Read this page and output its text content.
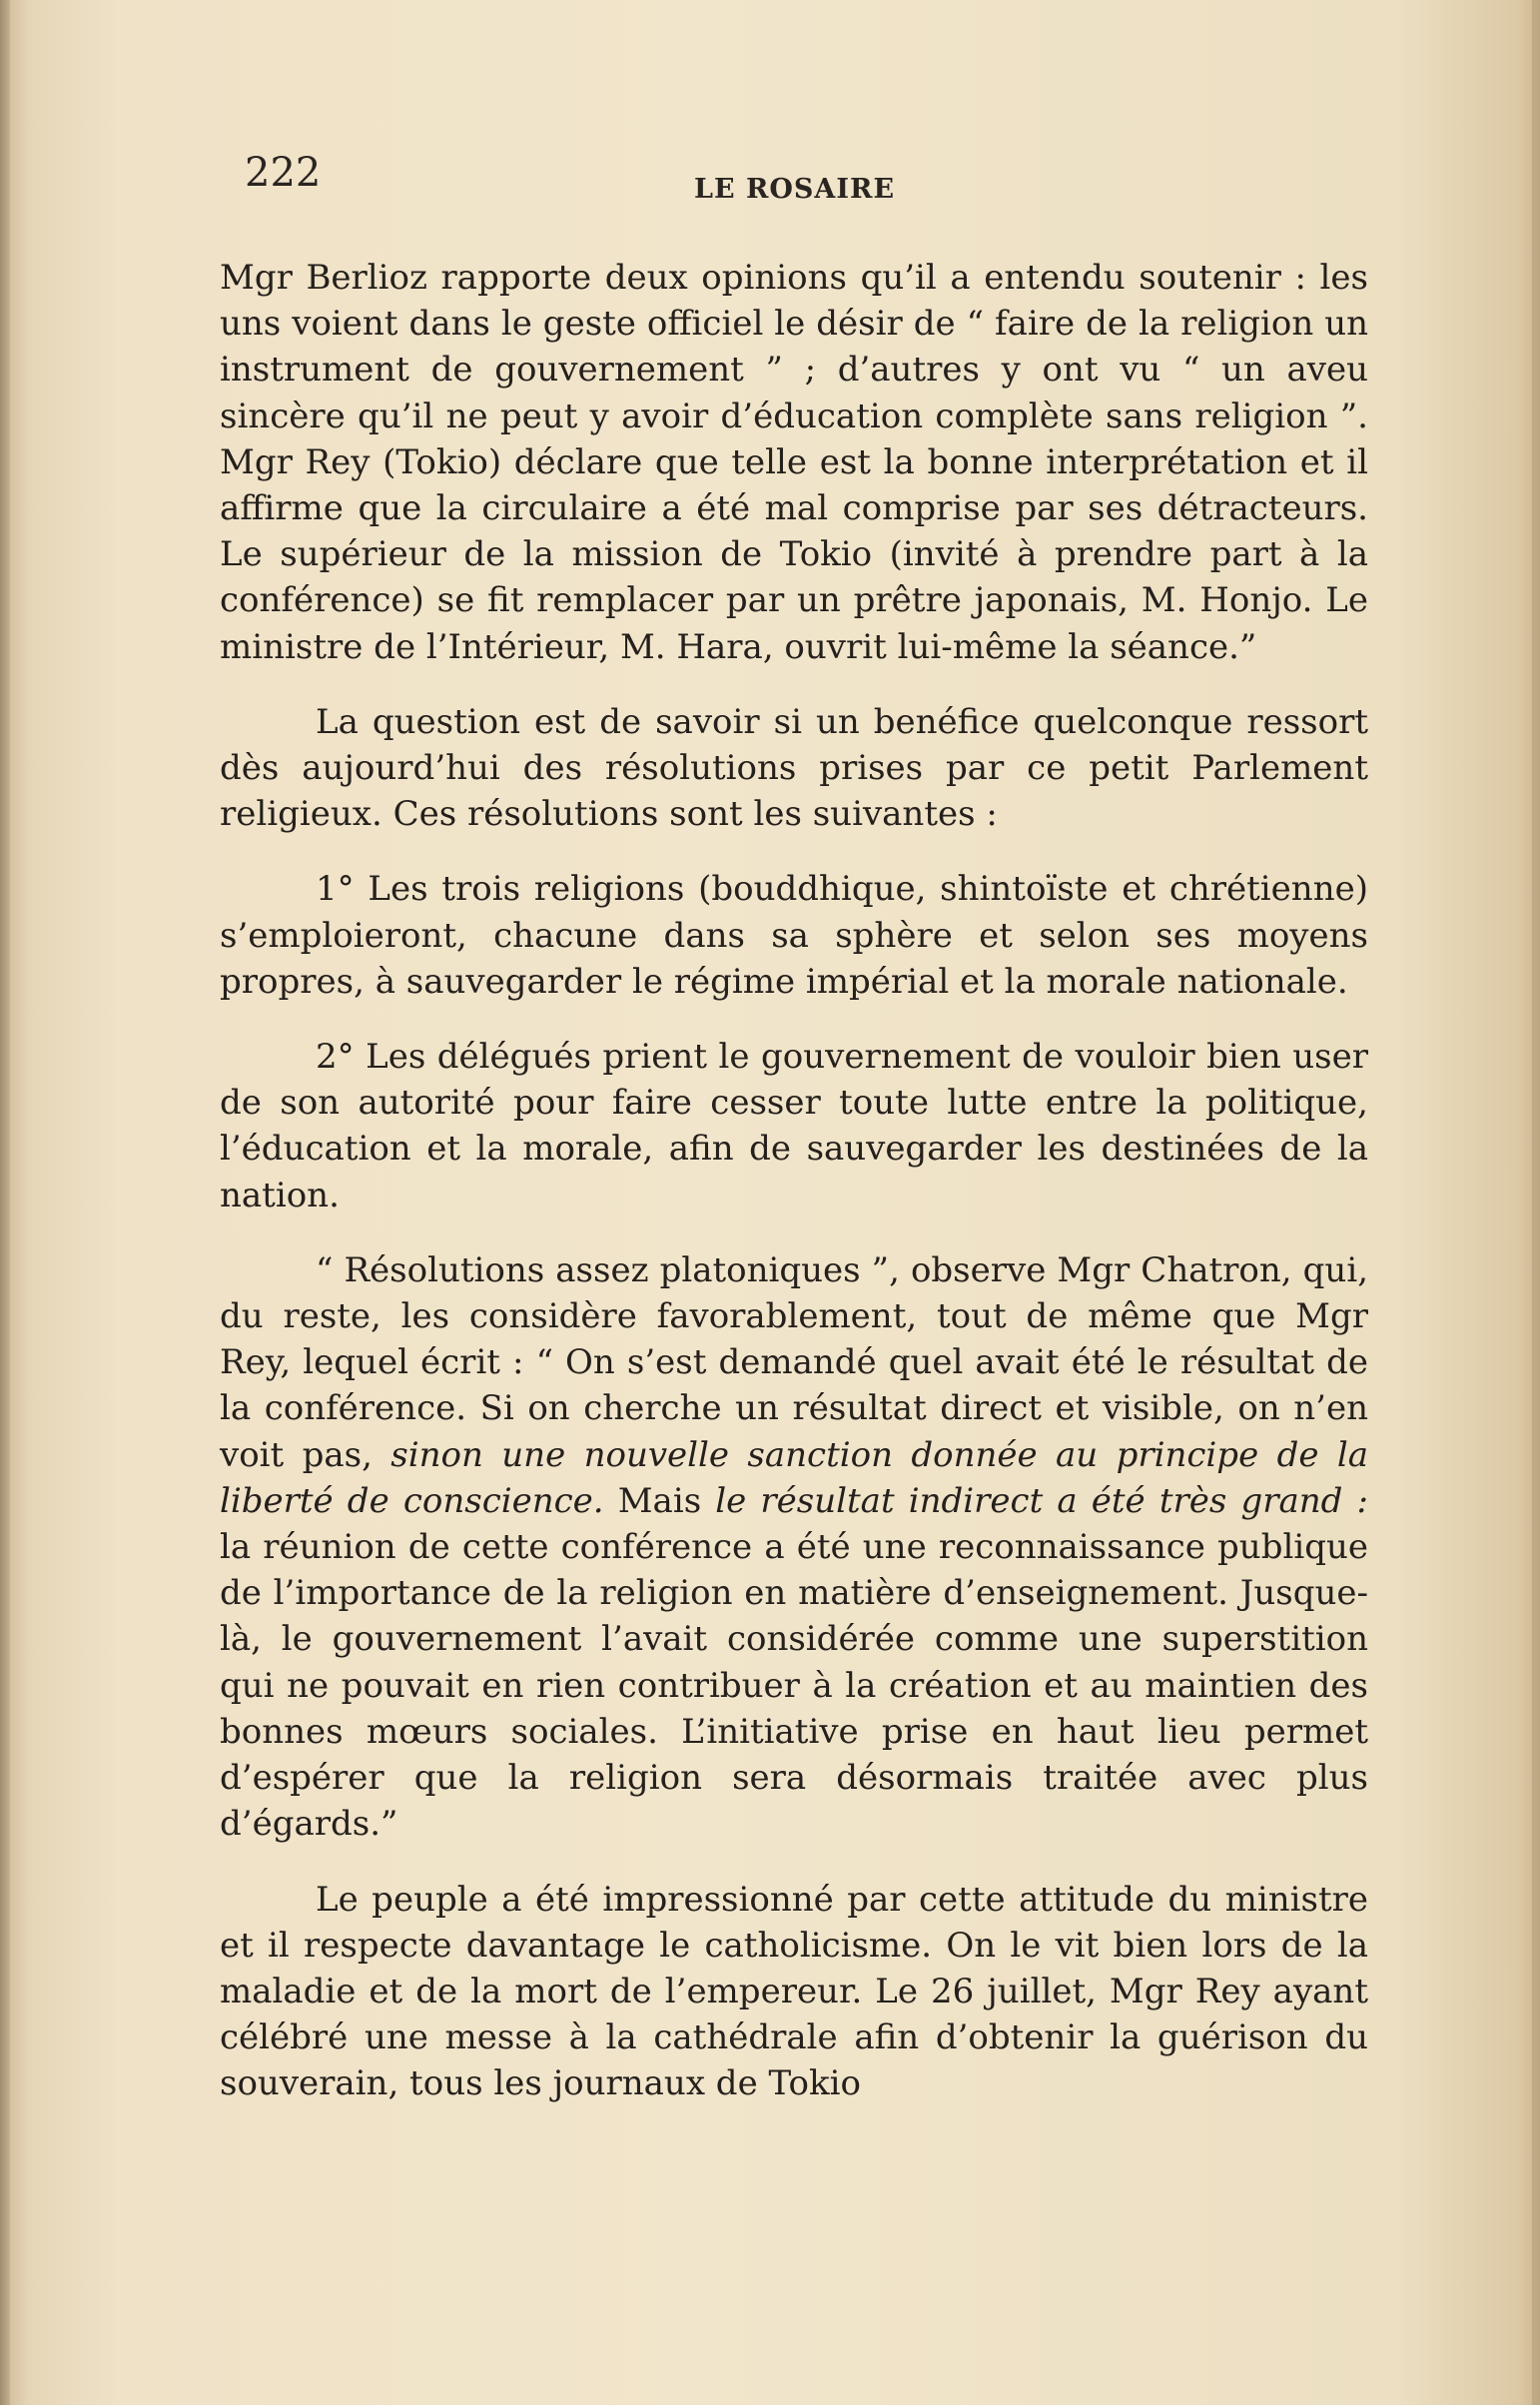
222	LE ROSAIRE

Mgr Berlioz rapporte deux opinions qu’il a entendu soutenir : les uns voient dans le geste officiel le désir de “ faire de la religion un instrument de gouvernement ” ; d’autres y ont vu “ un aveu sincère qu’il ne peut y avoir d’éducation complète sans religion ”. Mgr Rey (Tokio) déclare que telle est la bonne interprétation et il affirme que la circulaire a été mal comprise par ses détracteurs. Le supérieur de la mission de Tokio (invité à prendre part à la conférence) se fit remplacer par un prêtre japonais, M. Honjo. Le ministre de l’Intérieur, M. Hara, ouvrit lui-même la séance.”

La question est de savoir si un benéfice quelconque ressort dès aujourd’hui des résolutions prises par ce petit Parlement religieux. Ces résolutions sont les suivantes :

1° Les trois religions (bouddhique, shintoïste et chrétienne) s’emploieront, chacune dans sa sphère et selon ses moyens propres, à sauvegarder le régime impérial et la morale nationale.

2° Les délégués prient le gouvernement de vouloir bien user de son autorité pour faire cesser toute lutte entre la politique, l’éducation et la morale, afin de sauvegarder les destinées de la nation.

“ Résolutions assez platoniques ”, observe Mgr Chatron, qui, du reste, les considère favorablement, tout de même que Mgr Rey, lequel écrit : “ On s’est demandé quel avait été le résultat de la conférence. Si on cherche un résultat direct et visible, on n’en voit pas, sinon une nouvelle sanction donnée au principe de la liberté de conscience. Mais le résultat indirect a été très grand : la réunion de cette conférence a été une reconnaissance publique de l’importance de la religion en matière d’enseignement. Jusque-là, le gouvernement l’avait considérée comme une superstition qui ne pouvait en rien contribuer à la création et au maintien des bonnes mœurs sociales. L’initiative prise en haut lieu permet d’espérer que la religion sera désormais traitée avec plus d’égards.”

Le peuple a été impressionné par cette attitude du ministre et il respecte davantage le catholicisme. On le vit bien lors de la maladie et de la mort de l’empereur. Le 26 juillet, Mgr Rey ayant célébré une messe à la cathédrale afin d’obtenir la guérison du souverain, tous les journaux de Tokio
